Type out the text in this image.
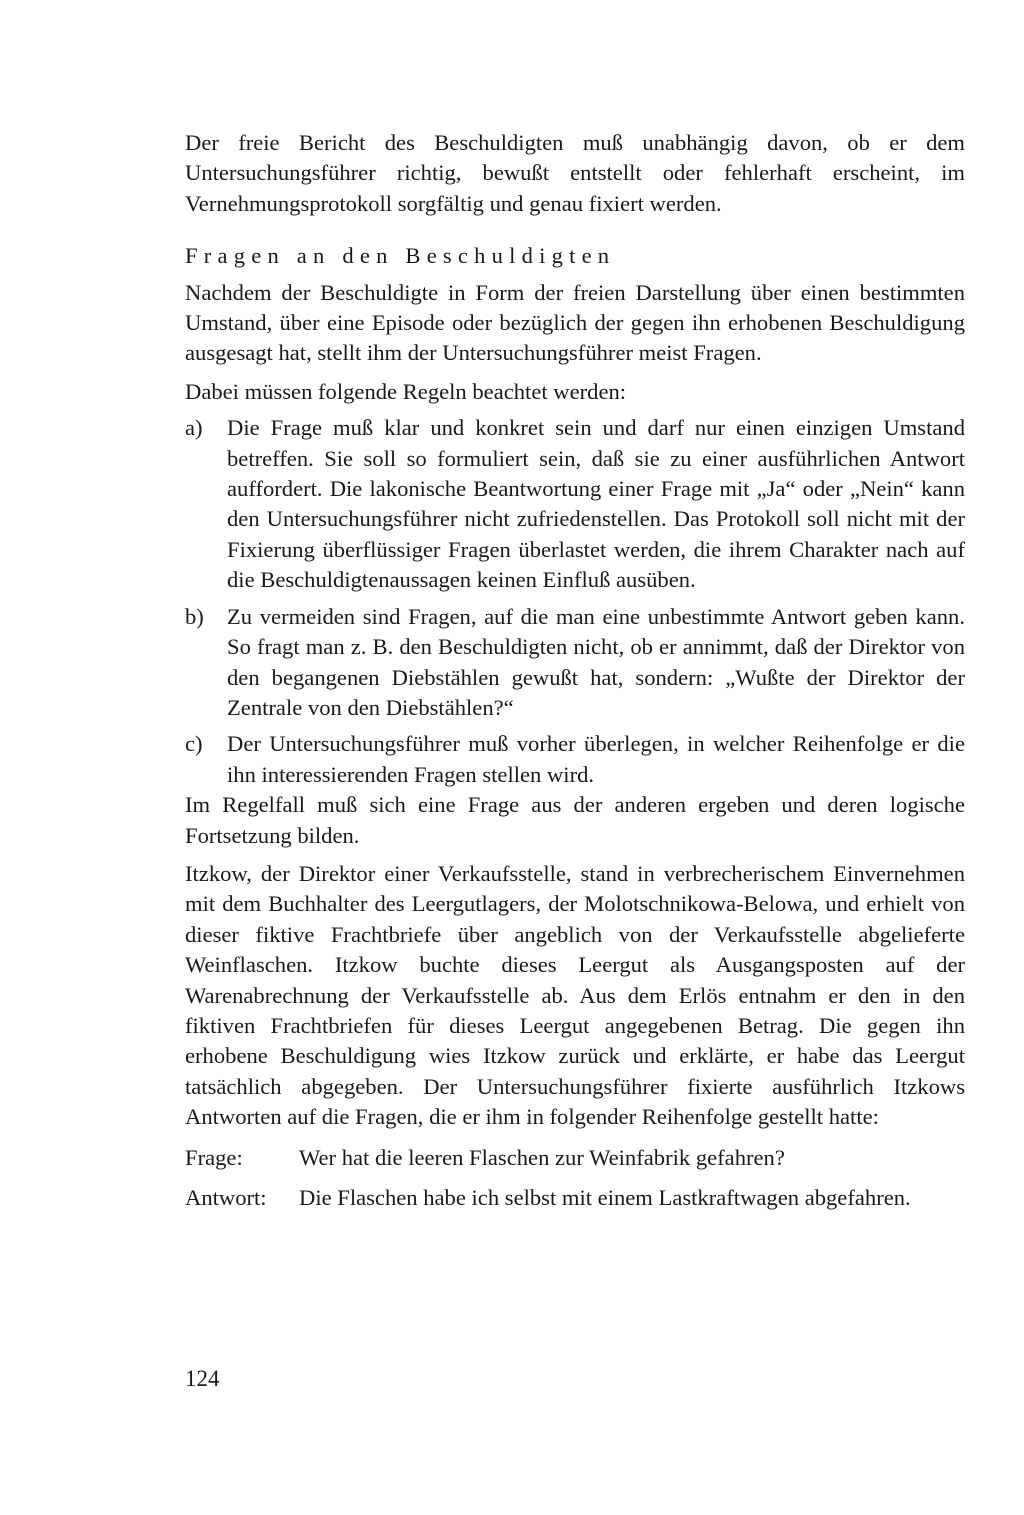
Der freie Bericht des Beschuldigten muß unabhängig davon, ob er dem Untersuchungsführer richtig, bewußt entstellt oder fehlerhaft erscheint, im Vernehmungsprotokoll sorgfältig und genau fixiert werden.

Fragen an den Beschuldigten

Nachdem der Beschuldigte in Form der freien Darstellung über einen bestimmten Umstand, über eine Episode oder bezüglich der gegen ihn erhobenen Beschuldigung ausgesagt hat, stellt ihm der Untersuchungsführer meist Fragen.

Dabei müssen folgende Regeln beachtet werden:

a)	Die Frage muß klar und konkret sein und darf nur einen einzigen Umstand betreffen. Sie soll so formuliert sein, daß sie zu einer ausführlichen Antwort auffordert. Die lakonische Beantwortung einer Frage mit „Ja“ oder „Nein“ kann den Untersuchungsführer nicht zufriedenstellen. Das Protokoll soll nicht mit der Fixierung überflüssiger Fragen überlastet werden, die ihrem Charakter nach auf die Beschuldigtenaussagen keinen Einfluß ausüben.
b)	Zu vermeiden sind Fragen, auf die man eine unbestimmte Antwort geben kann. So fragt man z. B. den Beschuldigten nicht, ob er annimmt, daß der Direktor von den begangenen Diebstählen gewußt hat, sondern: „Wußte der Direktor der Zentrale von den Diebstählen?“
c)	Der Untersuchungsführer muß vorher überlegen, in welcher Reihenfolge er die ihn interessierenden Fragen stellen wird.

Im Regelfall muß sich eine Frage aus der anderen ergeben und deren logische Fortsetzung bilden.

Itzkow, der Direktor einer Verkaufsstelle, stand in verbrecherischem Einvernehmen mit dem Buchhalter des Leergutlagers, der Molotschnikowa-Belowa, und erhielt von dieser fiktive Frachtbriefe über angeblich von der Verkaufsstelle abgelieferte Weinflaschen. Itzkow buchte dieses Leergut als Ausgangsposten auf der Warenabrechnung der Verkaufsstelle ab. Aus dem Erlös entnahm er den in den fiktiven Frachtbriefen für dieses Leergut angegebenen Betrag. Die gegen ihn erhobene Beschuldigung wies Itzkow zurück und erklärte, er habe das Leergut tatsächlich abgegeben. Der Untersuchungsführer fixierte ausführlich Itzkows Antworten auf die Fragen, die er ihm in folgender Reihenfolge gestellt hatte:

Frage:	Wer hat die leeren Flaschen zur Weinfabrik gefahren?
Antwort:	Die Flaschen habe ich selbst mit einem Lastkraftwagen abgefahren.
124
